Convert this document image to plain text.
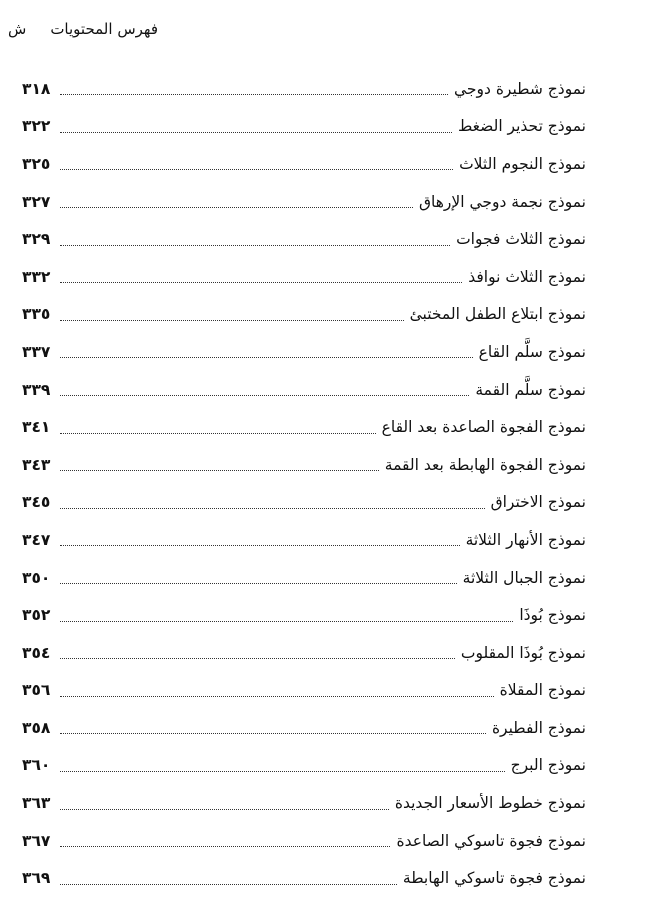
فهرس المحتويات
ش
نموذج شطيرة دوجي
٣١٨
نموذج تحذير الضغط
٣٢٢
نموذج النجوم الثلاث
٣٢٥
نموذج نجمة دوجي الإرهاق
٣٢٧
نموذج الثلاث فجوات
٣٢٩
نموذج الثلاث نوافذ
٣٣٢
نموذج ابتلاع الطفل المختبئ
٣٣٥
نموذج سلَّم القاع
٣٣٧
نموذج سلَّم القمة
٣٣٩
نموذج الفجوة الصاعدة بعد القاع
٣٤١
نموذج الفجوة الهابطة بعد القمة
٣٤٣
نموذج الاختراق
٣٤٥
نموذج الأنهار الثلاثة
٣٤٧
نموذج الجبال الثلاثة
٣٥٠
نموذج بُوذَا
٣٥٢
نموذج بُوذَا المقلوب
٣٥٤
نموذج المقلاة
٣٥٦
نموذج الفطيرة
٣٥٨
نموذج البرج
٣٦٠
نموذج خطوط الأسعار الجديدة
٣٦٣
نموذج فجوة تاسوكي الصاعدة
٣٦٧
نموذج فجوة تاسوكي الهابطة
٣٦٩
